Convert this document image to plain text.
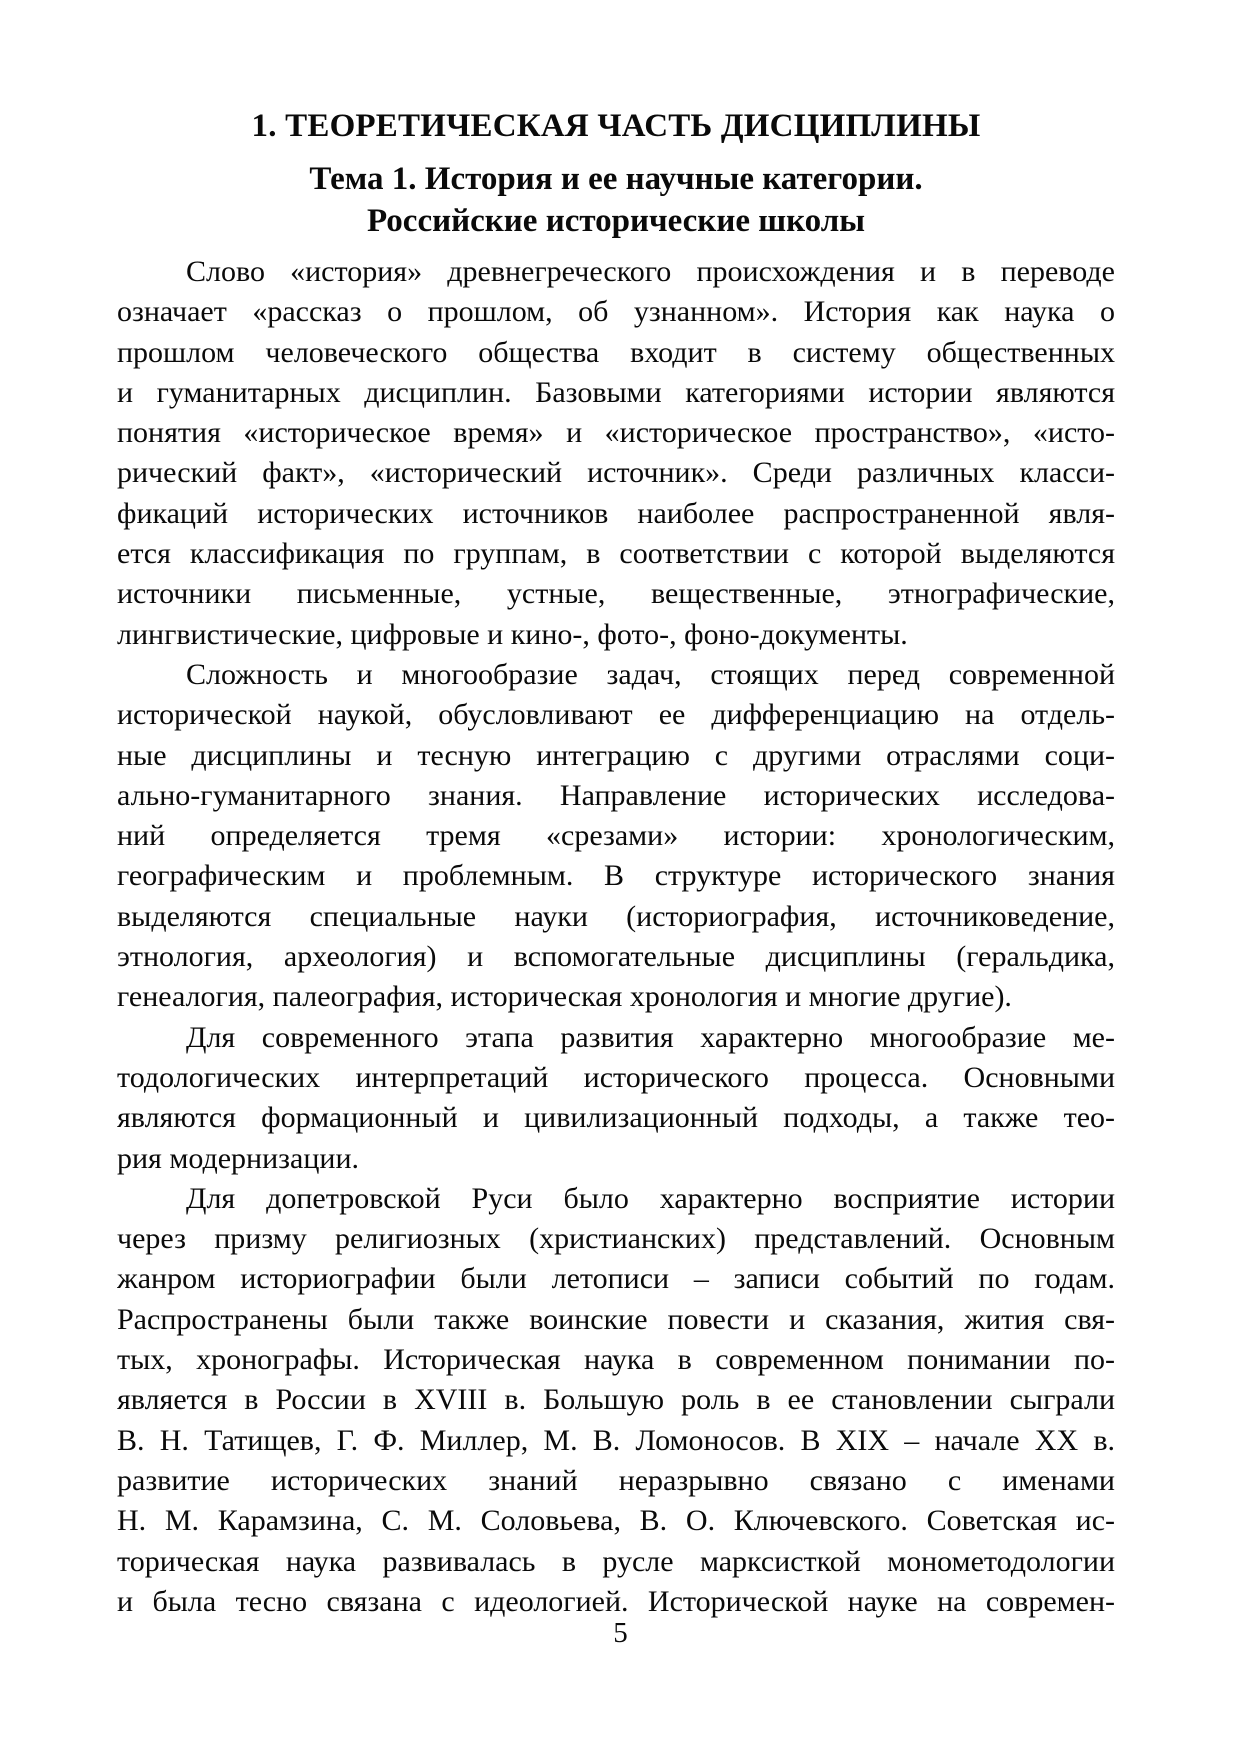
1. ТЕОРЕТИЧЕСКАЯ ЧАСТЬ ДИСЦИПЛИНЫ
Тема 1. История и ее научные категории.
Российские исторические школы
Слово «история» древнегреческого происхождения и в переводе
означает «рассказ о прошлом, об узнанном». История как наука о
прошлом человеческого общества входит в систему общественных
и гуманитарных дисциплин. Базовыми категориями истории являются
понятия «историческое время» и «историческое пространство», «исто-
рический факт», «исторический источник». Среди различных класси-
фикаций исторических источников наиболее распространенной явля-
ется классификация по группам, в соответствии с которой выделяются
источники письменные, устные, вещественные, этнографические,
лингвистические, цифровые и кино-, фото-, фоно-документы.
Сложность и многообразие задач, стоящих перед современной
исторической наукой, обусловливают ее дифференциацию на отдель-
ные дисциплины и тесную интеграцию с другими отраслями соци-
ально-гуманитарного знания. Направление исторических исследова-
ний определяется тремя «срезами» истории: хронологическим,
географическим и проблемным. В структуре исторического знания
выделяются специальные науки (историография, источниковедение,
этнология, археология) и вспомогательные дисциплины (геральдика,
генеалогия, палеография, историческая хронология и многие другие).
Для современного этапа развития характерно многообразие ме-
тодологических интерпретаций исторического процесса. Основными
являются формационный и цивилизационный подходы, а также тео-
рия модернизации.
Для допетровской Руси было характерно восприятие истории
через призму религиозных (христианских) представлений. Основным
жанром историографии были летописи – записи событий по годам.
Распространены были также воинские повести и сказания, жития свя-
тых, хронографы. Историческая наука в современном понимании по-
является в России в XVIII в. Большую роль в ее становлении сыграли
В. Н. Татищев, Г. Ф. Миллер, М. В. Ломоносов. В XIX – начале XX в.
развитие исторических знаний неразрывно связано с именами
Н. М. Карамзина, С. М. Соловьева, В. О. Ключевского. Советская ис-
торическая наука развивалась в русле марксисткой монометодологии
и была тесно связана с идеологией. Исторической науке на современ-
5
